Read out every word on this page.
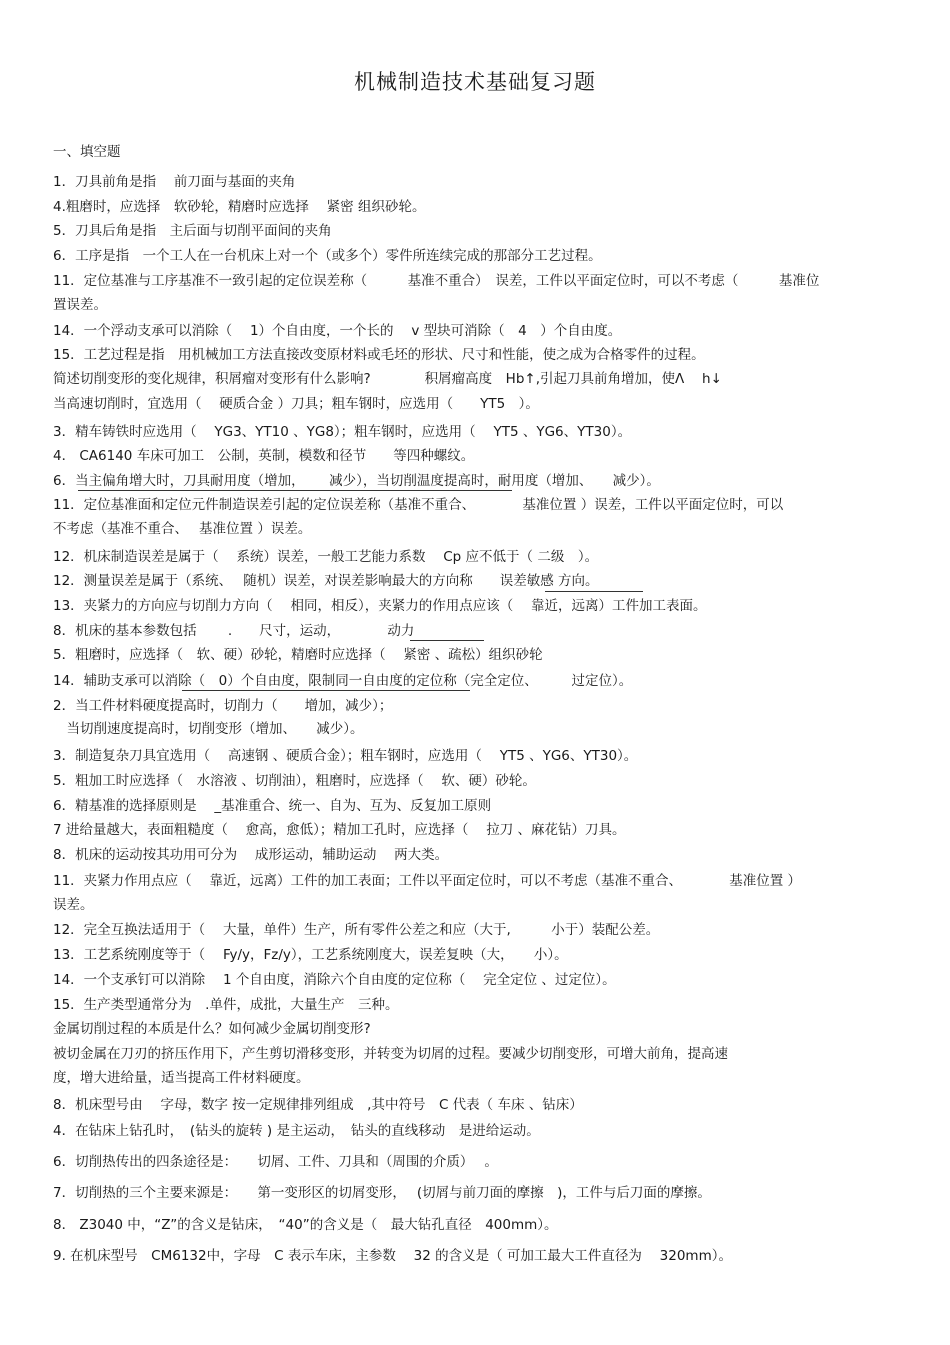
机械制造技术基础复习题
一、填空题
1．刀具前角是指　 前刀面与基面的夹角
4.粗磨时，应选择　软砂轮，精磨时应选择　 紧密 组织砂轮。
5．刀具后角是指　主后面与切削平面间的夹角
6．工序是指　一个工人在一台机床上对一个（或多个）零件所连续完成的那部分工艺过程。
11．定位基准与工序基准不一致引起的定位误差称（　　　基准不重合）　误差，工件以平面定位时，可以不考虑（　　　基准位
置误差。
14．一个浮动支承可以消除（　 1）个自由度，一个长的　 v 型块可消除（　4　）个自由度。
15．工艺过程是指　用机械加工方法直接改变原材料或毛坯的形状、尺寸和性能，使之成为合格零件的过程。
简述切削变形的变化规律，积屑瘤对变形有什么影响?　　　　积屑瘤高度　Hb↑,引起刀具前角增加，使Λ　 h↓
当高速切削时，宜选用（　 硬质合金 ）刀具；粗车钢时，应选用（　　YT5　）。
3．精车铸铁时应选用（　 YG3、YT10 、YG8）；粗车钢时，应选用（　 YT5 、YG6、YT30）。
4． CA6140 车床可加工　公制，英制，模数和径节　　等四种螺纹。
6．当主偏角增大时，刀具耐用度（增加，　　 减少），当切削温度提高时，耐用度（增加、　　减少）。
11．定位基准面和定位元件制造误差引起的定位误差称（基准不重合、　　　　基准位置 ）误差，工件以平面定位时，可以
不考虑（基准不重合、　 基准位置 ）误差。
12．机床制造误差是属于（　 系统）误差，一般工艺能力系数　 Cp 应不低于（ 二级　）。
12．测量误差是属于（系统、　 随机）误差，对误差影响最大的方向称　　误差敏感 方向。
13．夹紧力的方向应与切削力方向（　 相同，相反），夹紧力的作用点应该（　 靠近，远离）工件加工表面。
8．机床的基本参数包括　　 .　　尺寸，运动，　　　　动力
5．粗磨时，应选择（　软、硬）砂轮，精磨时应选择（　 紧密 、疏松）组织砂轮
14．辅助支承可以消除（　0）个自由度，限制同一自由度的定位称（完全定位、　　　过定位）。
2．当工件材料硬度提高时，切削力（　　增加，减少）；
　当切削速度提高时，切削变形（增加、　　减少）。
3．制造复杂刀具宜选用（　 高速钢 、硬质合金）；粗车钢时，应选用（　 YT5 、YG6、YT30）。
5．粗加工时应选择（　水溶液 、切削油），粗磨时，应选择（　 软、硬）砂轮。
6．精基准的选择原则是　 _基准重合、统一、自为、互为、反复加工原则
7 进给量越大，表面粗糙度（　 愈高，愈低）；精加工孔时，应选择（　 拉刀 、麻花钻）刀具。
8．机床的运动按其功用可分为　 成形运动，辅助运动　 两大类。
11．夹紧力作用点应（　 靠近，远离）工件的加工表面；工件以平面定位时，可以不考虑（基准不重合、　　　　基准位置 ）
误差。
12．完全互换法适用于（　 大量，单件）生产，所有零件公差之和应（大于,　　　小于）装配公差。
13．工艺系统刚度等于（　 Fy/y，Fz/y），工艺系统刚度大，误差复映（大，　　小）。
14．一个支承钉可以消除　 1 个自由度，消除六个自由度的定位称（　 完全定位 、过定位）。
15．生产类型通常分为　.单件，成批，大量生产　三种。
金属切削过程的本质是什么？如何减少金属切削变形?
被切金属在刀刃的挤压作用下，产生剪切滑移变形，并转变为切屑的过程。要减少切削变形，可增大前角，提高速
度，增大进给量，适当提高工件材料硬度。
8．机床型号由　 字母，数字 按一定规律排列组成　,其中符号　C 代表（ 车床 、钻床）
4．在钻床上钻孔时，　(钻头的旋转 ) 是主运动，　钻头的直线移动　是进给运动。
6．切削热传出的四条途径是：　　切屑、工件、刀具和（周围的介质）　 。
7．切削热的三个主要来源是：　　第一变形区的切屑变形，　 (切屑与前刀面的摩擦　)，工件与后刀面的摩擦。
8． Z3040 中，“Z”的含义是钻床，　“40”的含义是（　最大钻孔直径　400mm）。
9. 在机床型号　CM6132中，字母　C 表示车床，主参数　 32 的含义是（ 可加工最大工件直径为　 320mm）。
